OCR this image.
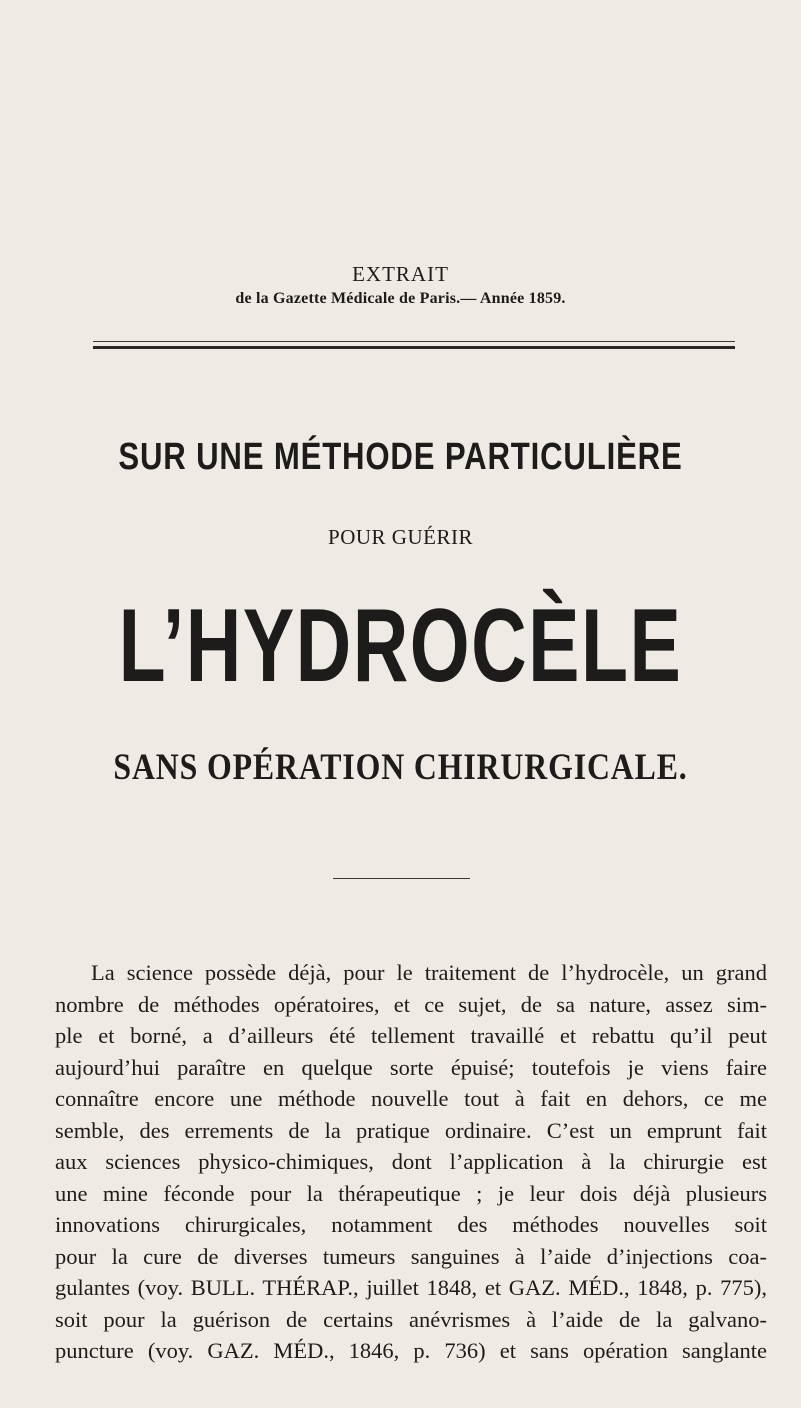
EXTRAIT
de la Gazette Médicale de Paris.— Année 1859.
SUR UNE MÉTHODE PARTICULIÈRE
POUR GUÉRIR
L’HYDROCÈLE
SANS OPÉRATION CHIRURGICALE.
La science possède déjà, pour le traitement de l’hydrocèle, un grand
nombre de méthodes opératoires, et ce sujet, de sa nature, assez sim-
ple et borné, a d’ailleurs été tellement travaillé et rebattu qu’il peut
aujourd’hui paraître en quelque sorte épuisé; toutefois je viens faire
connaître encore une méthode nouvelle tout à fait en dehors, ce me
semble, des errements de la pratique ordinaire. C’est un emprunt fait
aux sciences physico-chimiques, dont l’application à la chirurgie est
une mine féconde pour la thérapeutique ; je leur dois déjà plusieurs
innovations chirurgicales, notamment des méthodes nouvelles soit
pour la cure de diverses tumeurs sanguines à l’aide d’injections coa-
gulantes (voy. BULL. THÉRAP., juillet 1848, et GAZ. MÉD., 1848, p. 775),
soit pour la guérison de certains anévrismes à l’aide de la galvano-
puncture (voy. GAZ. MÉD., 1846, p. 736) et sans opération sanglante
